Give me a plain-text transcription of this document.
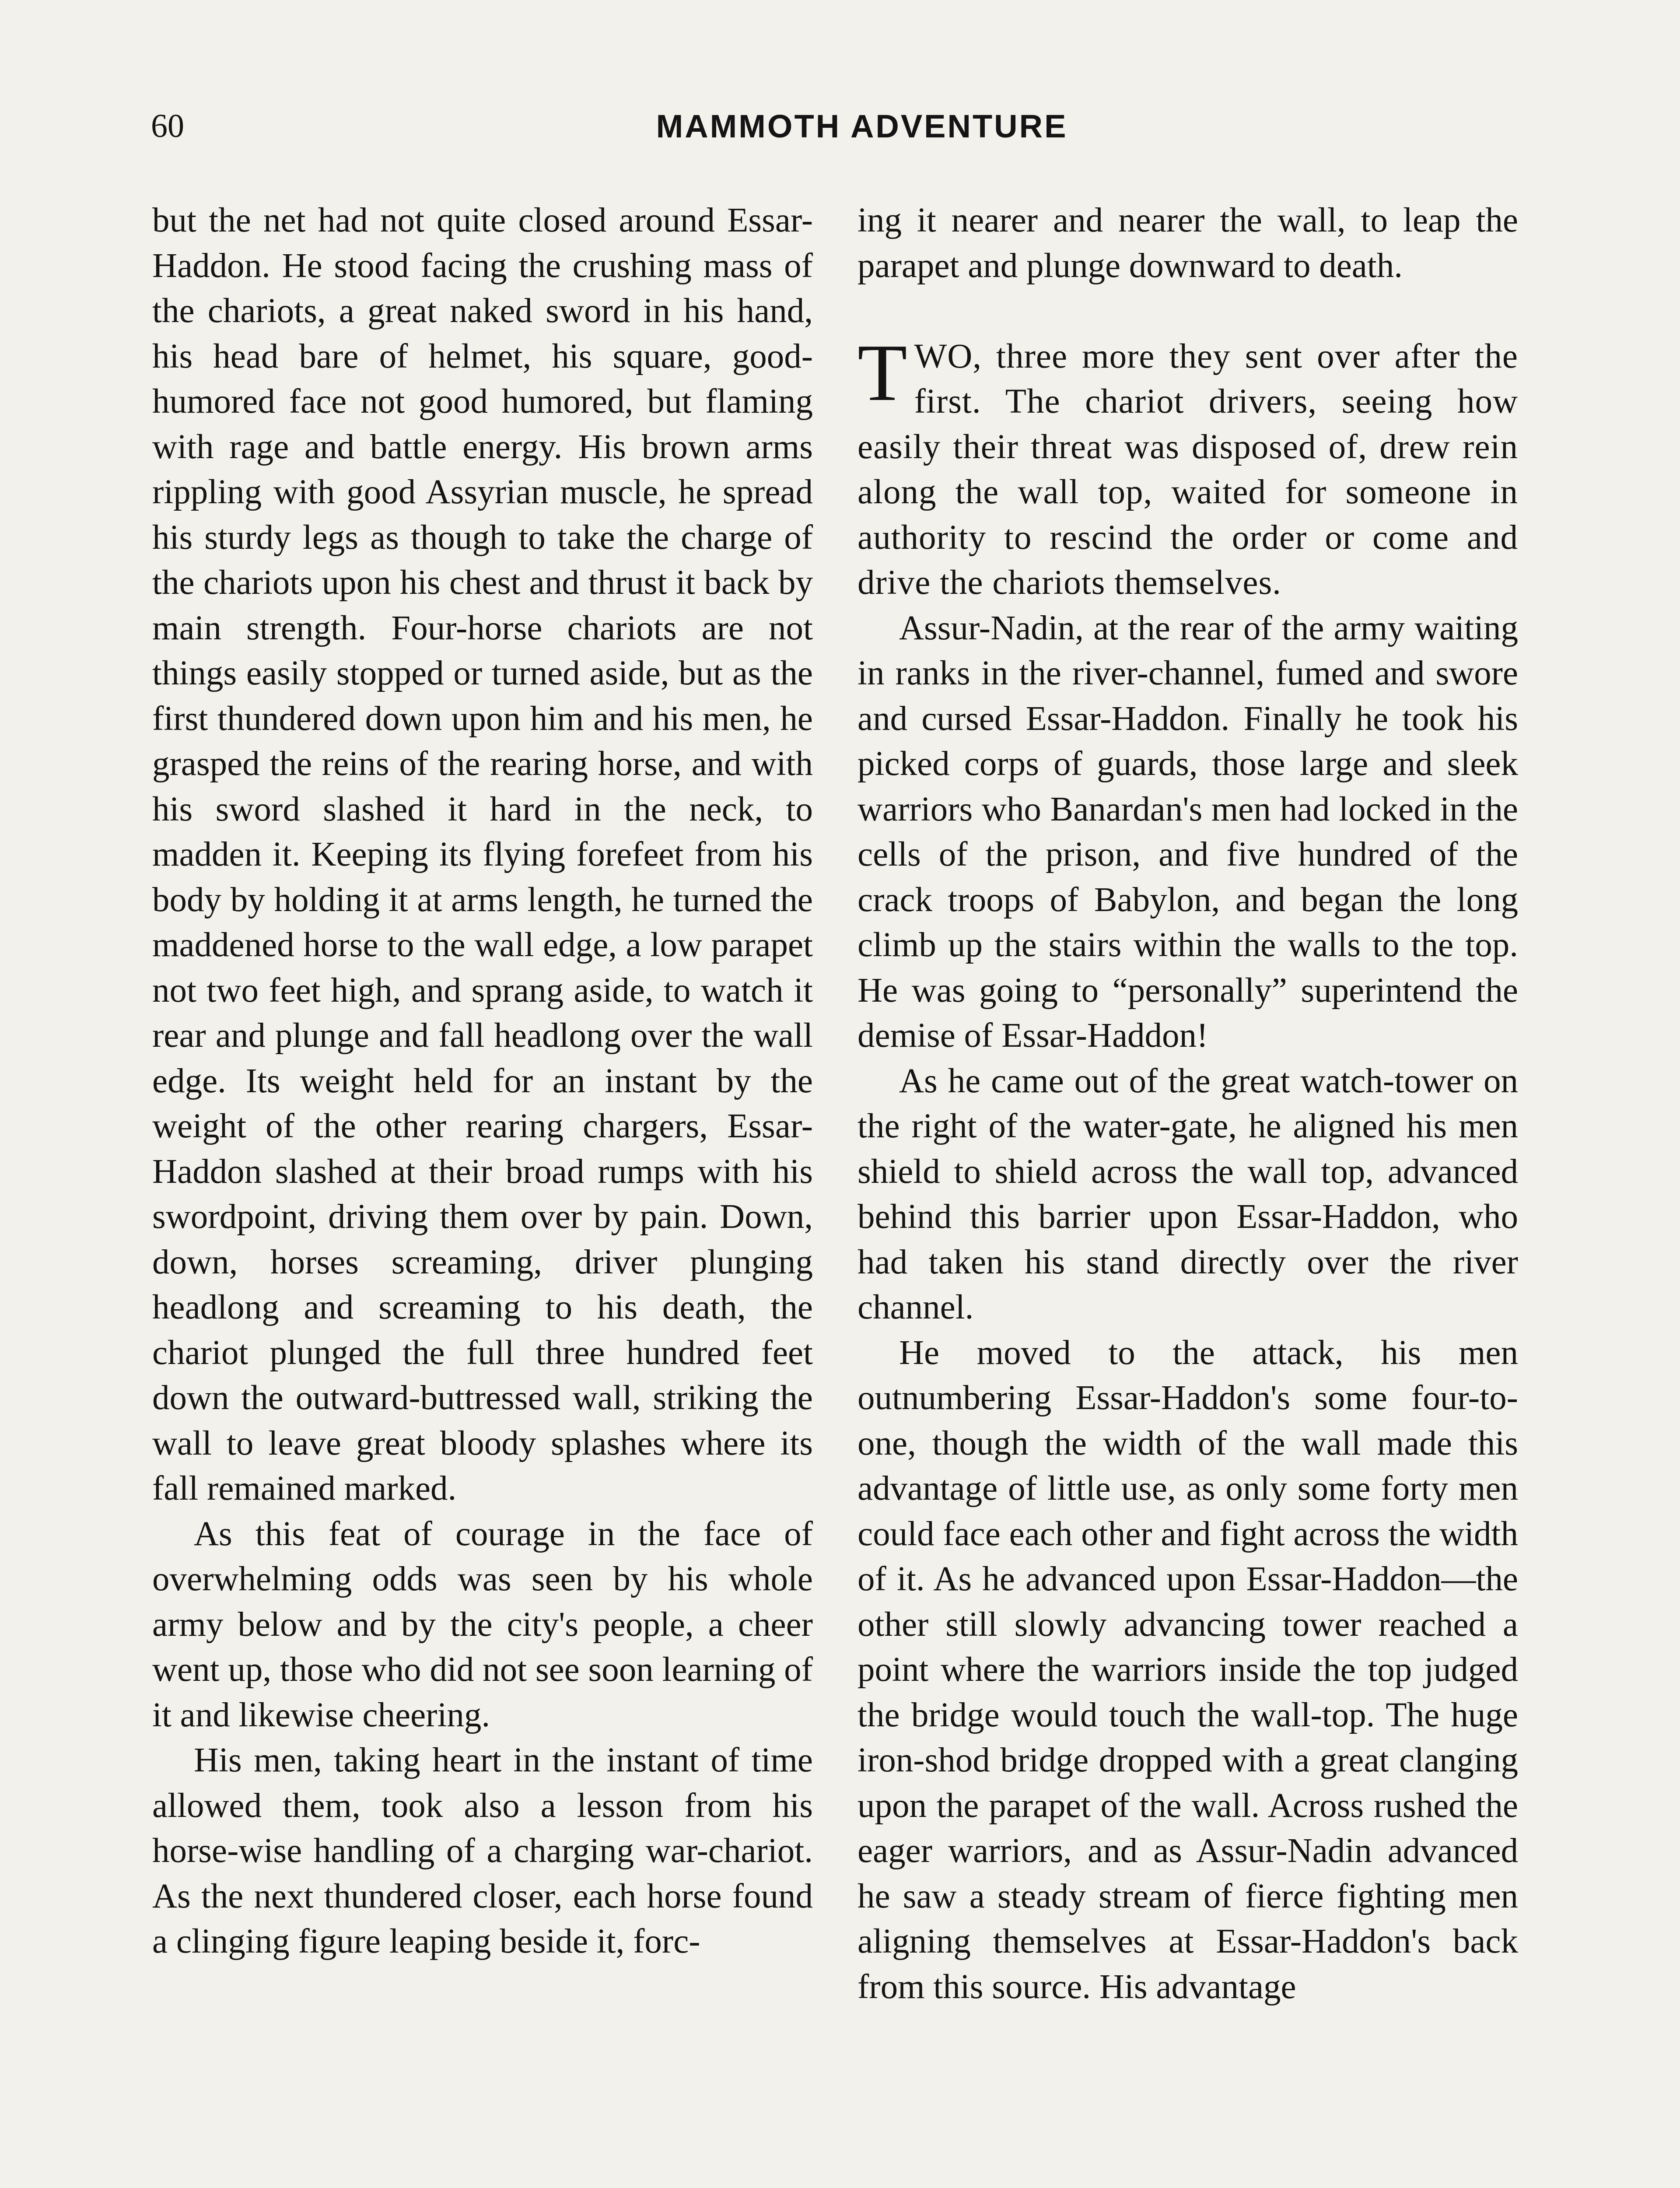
60	MAMMOTH ADVENTURE

but the net had not quite closed around Essar-Haddon. He stood facing the crushing mass of the chariots, a great naked sword in his hand, his head bare of helmet, his square, good-humored face not good humored, but flaming with rage and battle energy. His brown arms rippling with good Assyrian muscle, he spread his sturdy legs as though to take the charge of the chariots upon his chest and thrust it back by main strength. Four-horse chariots are not things easily stopped or turned aside, but as the first thundered down upon him and his men, he grasped the reins of the rearing horse, and with his sword slashed it hard in the neck, to madden it. Keeping its flying forefeet from his body by holding it at arms length, he turned the maddened horse to the wall edge, a low parapet not two feet high, and sprang aside, to watch it rear and plunge and fall headlong over the wall edge. Its weight held for an instant by the weight of the other rearing chargers, Essar-Haddon slashed at their broad rumps with his swordpoint, driving them over by pain. Down, down, horses screaming, driver plunging headlong and screaming to his death, the chariot plunged the full three hundred feet down the outward-buttressed wall, striking the wall to leave great bloody splashes where its fall remained marked.

As this feat of courage in the face of overwhelming odds was seen by his whole army below and by the city's people, a cheer went up, those who did not see soon learning of it and likewise cheering.

His men, taking heart in the instant of time allowed them, took also a lesson from his horse-wise handling of a charging war-chariot. As the next thundered closer, each horse found a clinging figure leaping beside it, forc-

ing it nearer and nearer the wall, to leap the parapet and plunge downward to death.

TWO, three more they sent over after the first. The chariot drivers, seeing how easily their threat was disposed of, drew rein along the wall top, waited for someone in authority to rescind the order or come and drive the chariots themselves.

Assur-Nadin, at the rear of the army waiting in ranks in the river-channel, fumed and swore and cursed Essar-Haddon. Finally he took his picked corps of guards, those large and sleek warriors who Banardan's men had locked in the cells of the prison, and five hundred of the crack troops of Babylon, and began the long climb up the stairs within the walls to the top. He was going to “personally” superintend the demise of Essar-Haddon!

As he came out of the great watch-tower on the right of the water-gate, he aligned his men shield to shield across the wall top, advanced behind this barrier upon Essar-Haddon, who had taken his stand directly over the river channel.

He moved to the attack, his men outnumbering Essar-Haddon's some four-to-one, though the width of the wall made this advantage of little use, as only some forty men could face each other and fight across the width of it. As he advanced upon Essar-Haddon—the other still slowly advancing tower reached a point where the warriors inside the top judged the bridge would touch the wall-top. The huge iron-shod bridge dropped with a great clanging upon the parapet of the wall. Across rushed the eager warriors, and as Assur-Nadin advanced he saw a steady stream of fierce fighting men aligning themselves at Essar-Haddon's back from this source. His advantage
